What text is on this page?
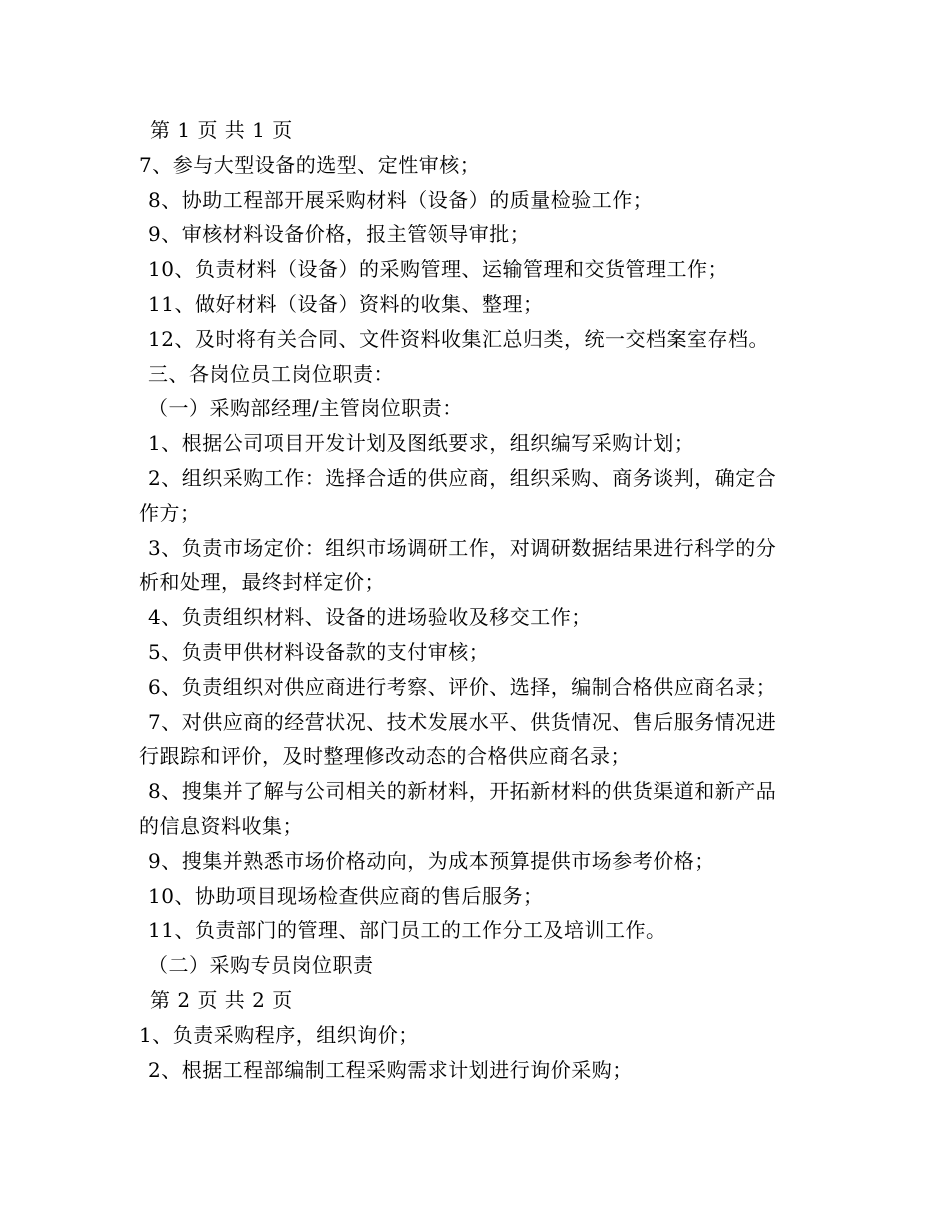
第 1 页 共 1 页
7、参与大型设备的选型、定性审核；
8、协助工程部开展采购材料（设备）的质量检验工作；
9、审核材料设备价格，报主管领导审批；
10、负责材料（设备）的采购管理、运输管理和交货管理工作；
11、做好材料（设备）资料的收集、整理；
12、及时将有关合同、文件资料收集汇总归类，统一交档案室存档。
三、各岗位员工岗位职责：
（一）采购部经理/主管岗位职责：
1、根据公司项目开发计划及图纸要求，组织编写采购计划；
2、组织采购工作：选择合适的供应商，组织采购、商务谈判，确定合
作方；
3、负责市场定价：组织市场调研工作，对调研数据结果进行科学的分
析和处理，最终封样定价；
4、负责组织材料、设备的进场验收及移交工作；
5、负责甲供材料设备款的支付审核；
6、负责组织对供应商进行考察、评价、选择，编制合格供应商名录；
7、对供应商的经营状况、技术发展水平、供货情况、售后服务情况进
行跟踪和评价，及时整理修改动态的合格供应商名录；
8、搜集并了解与公司相关的新材料，开拓新材料的供货渠道和新产品
的信息资料收集；
9、搜集并熟悉市场价格动向，为成本预算提供市场参考价格；
10、协助项目现场检查供应商的售后服务；
11、负责部门的管理、部门员工的工作分工及培训工作。
（二）采购专员岗位职责
第 2 页 共 2 页
1、负责采购程序，组织询价；
2、根据工程部编制工程采购需求计划进行询价采购；
